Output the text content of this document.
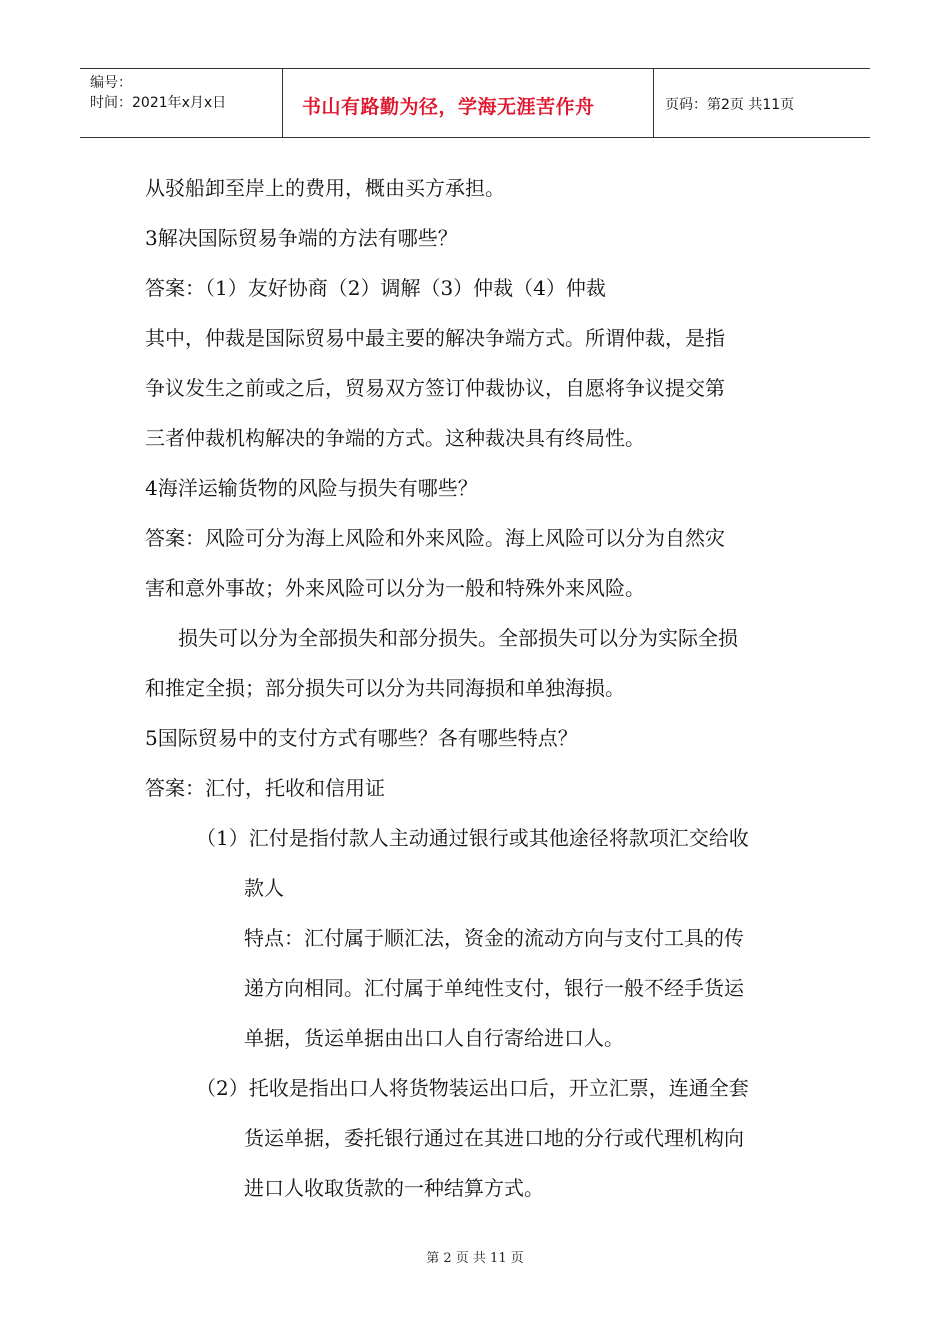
编号：
时间：2021年x月x日	书山有路勤为径，学海无涯苦作舟	页码：第2页 共11页
从驳船卸至岸上的费用，概由买方承担。
3解决国际贸易争端的方法有哪些？
答案：（1）友好协商（2）调解（3）仲裁（4）仲裁
其中，仲裁是国际贸易中最主要的解决争端方式。所谓仲裁，是指
争议发生之前或之后，贸易双方签订仲裁协议，自愿将争议提交第
三者仲裁机构解决的争端的方式。这种裁决具有终局性。
4海洋运输货物的风险与损失有哪些？
答案：风险可分为海上风险和外来风险。海上风险可以分为自然灾
害和意外事故；外来风险可以分为一般和特殊外来风险。
损失可以分为全部损失和部分损失。全部损失可以分为实际全损
和推定全损；部分损失可以分为共同海损和单独海损。
5国际贸易中的支付方式有哪些？各有哪些特点？
答案：汇付，托收和信用证
（1）汇付是指付款人主动通过银行或其他途径将款项汇交给收
款人
特点：汇付属于顺汇法，资金的流动方向与支付工具的传
递方向相同。汇付属于单纯性支付，银行一般不经手货运
单据，货运单据由出口人自行寄给进口人。
（2）托收是指出口人将货物装运出口后，开立汇票，连通全套
货运单据，委托银行通过在其进口地的分行或代理机构向
进口人收取货款的一种结算方式。
第 2 页 共 11 页
